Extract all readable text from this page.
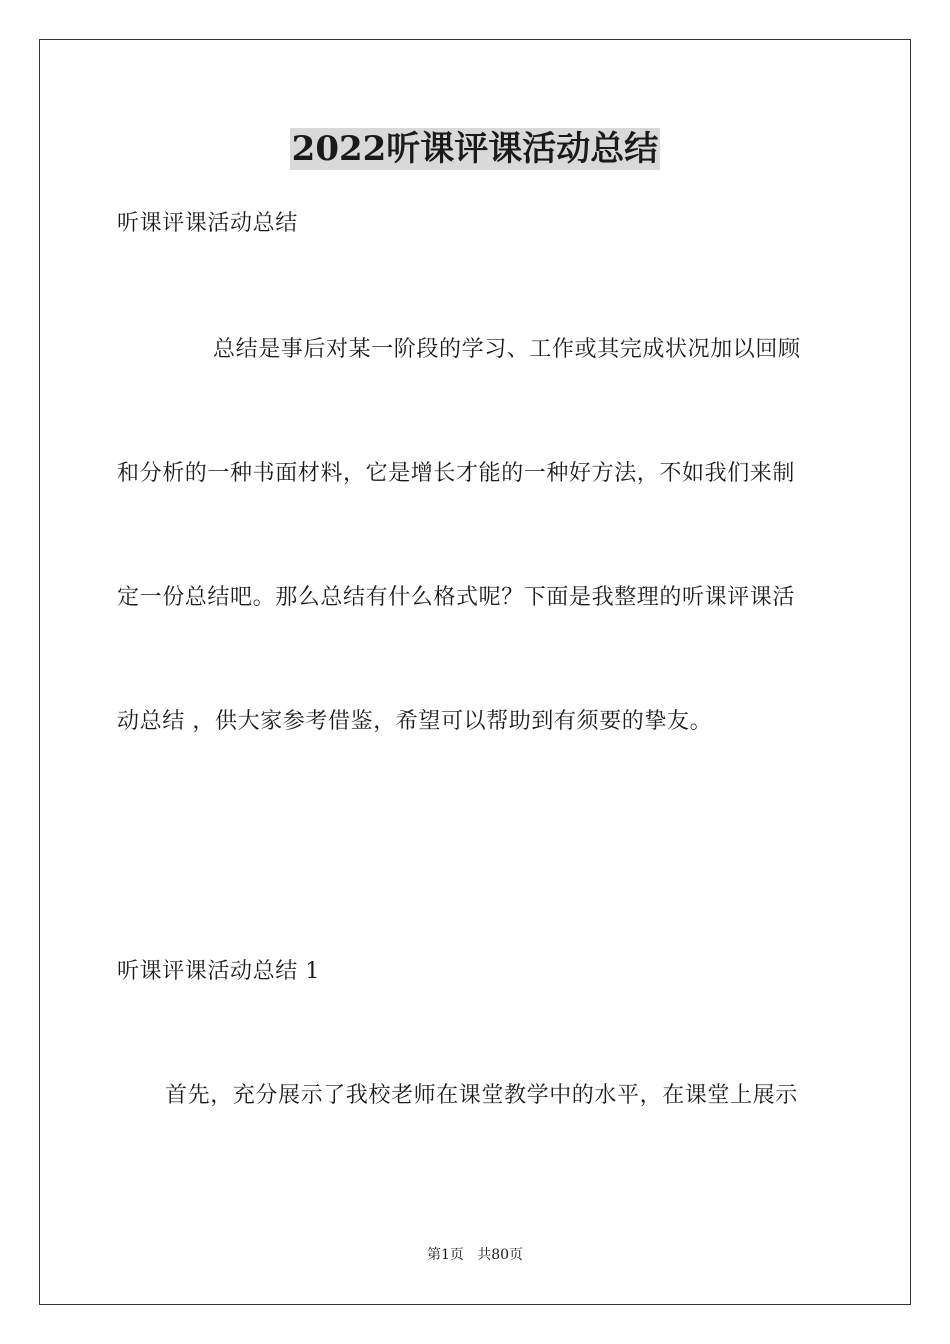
2022听课评课活动总结
听课评课活动总结
总结是事后对某一阶段的学习、工作或其完成状况加以回顾
和分析的一种书面材料，它是增长才能的一种好方法，不如我们来制
定一份总结吧。那么总结有什么格式呢？下面是我整理的听课评课活
动总结 ，供大家参考借鉴，希望可以帮助到有须要的挚友。
听课评课活动总结 1
首先，充分展示了我校老师在课堂教学中的水平，在课堂上展示
第1页   共80页
